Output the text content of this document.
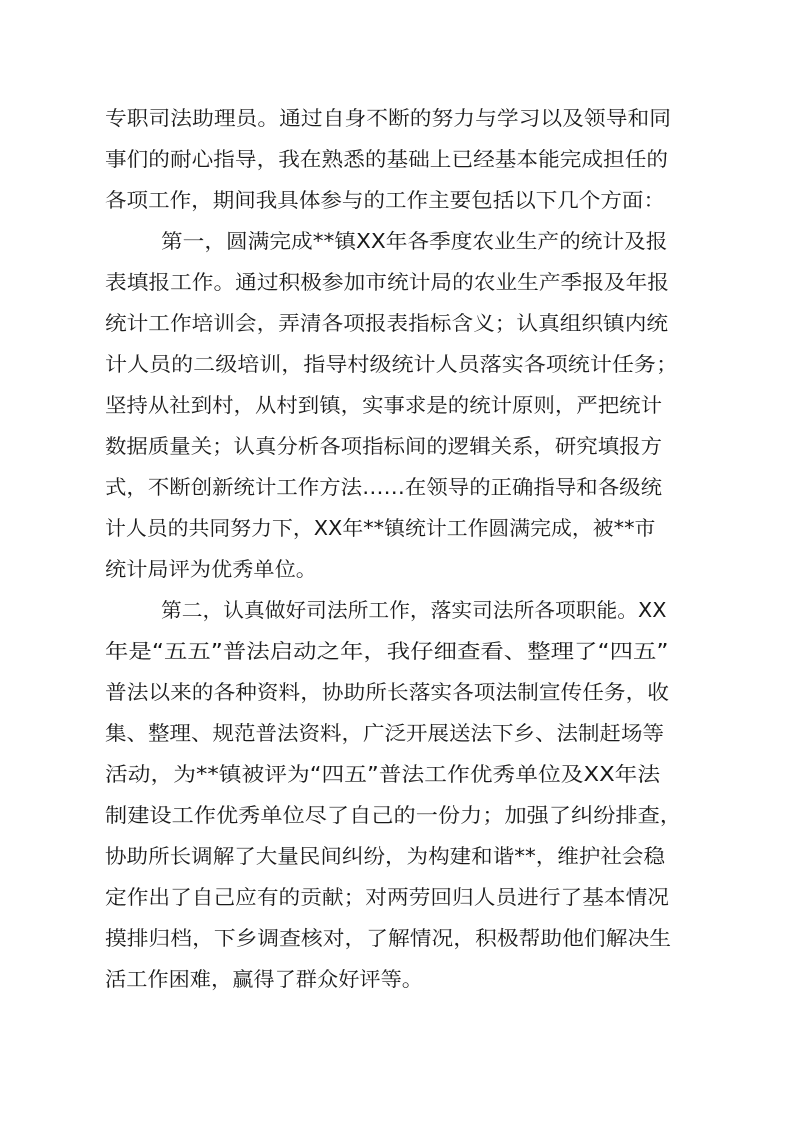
专职司法助理员。通过自身不断的努力与学习以及领导和同
事们的耐心指导，我在熟悉的基础上已经基本能完成担任的
各项工作，期间我具体参与的工作主要包括以下几个方面：
第一，圆满完成**镇XX年各季度农业生产的统计及报
表填报工作。通过积极参加市统计局的农业生产季报及年报
统计工作培训会，弄清各项报表指标含义；认真组织镇内统
计人员的二级培训，指导村级统计人员落实各项统计任务；
坚持从社到村，从村到镇，实事求是的统计原则，严把统计
数据质量关；认真分析各项指标间的逻辑关系，研究填报方
式，不断创新统计工作方法……在领导的正确指导和各级统
计人员的共同努力下，XX年**镇统计工作圆满完成，被**市
统计局评为优秀单位。
第二，认真做好司法所工作，落实司法所各项职能。XX
年是“五五”普法启动之年，我仔细查看、整理了“四五”
普法以来的各种资料，协助所长落实各项法制宣传任务，收
集、整理、规范普法资料，广泛开展送法下乡、法制赶场等
活动，为**镇被评为“四五”普法工作优秀单位及XX年法
制建设工作优秀单位尽了自己的一份力；加强了纠纷排查，
协助所长调解了大量民间纠纷，为构建和谐**，维护社会稳
定作出了自己应有的贡献；对两劳回归人员进行了基本情况
摸排归档，下乡调查核对，了解情况，积极帮助他们解决生
活工作困难，赢得了群众好评等。
